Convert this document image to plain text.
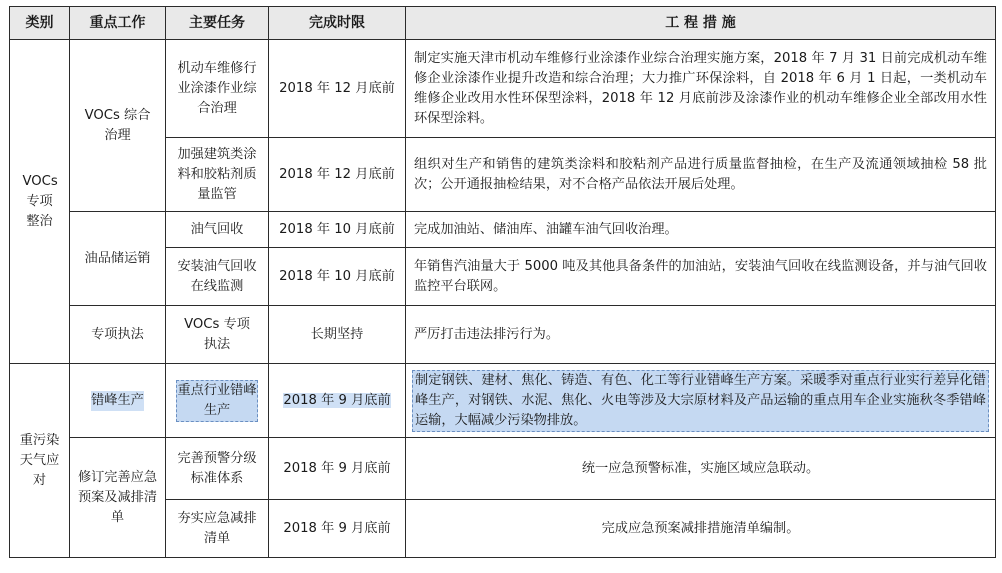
类别	重点工作	主要任务	完成时限	工 程 措 施
VOCs专项整治	VOCs 综合治理	机动车维修行业涂漆作业综合治理	2018 年 12 月底前	制定实施天津市机动车维修行业涂漆作业综合治理实施方案，2018 年 7 月 31 日前完成机动车维修企业涂漆作业提升改造和综合治理；大力推广环保涂料，自 2018 年 6 月 1 日起，一类机动车维修企业改用水性环保型涂料，2018 年 12 月底前涉及涂漆作业的机动车维修企业全部改用水性环保型涂料。
		加强建筑类涂料和胶粘剂质量监管	2018 年 12 月底前	组织对生产和销售的建筑类涂料和胶粘剂产品进行质量监督抽检，在生产及流通领域抽检 58 批次；公开通报抽检结果，对不合格产品依法开展后处理。
	油品储运销	油气回收	2018 年 10 月底前	完成加油站、储油库、油罐车油气回收治理。
		安装油气回收在线监测	2018 年 10 月底前	年销售汽油量大于 5000 吨及其他具备条件的加油站，安装油气回收在线监测设备，并与油气回收监控平台联网。
	专项执法	VOCs 专项执法	长期坚持	严厉打击违法排污行为。
重污染天气应对	错峰生产	重点行业错峰生产	2018 年 9 月底前	制定钢铁、建材、焦化、铸造、有色、化工等行业错峰生产方案。采暖季对重点行业实行差异化错峰生产，对钢铁、水泥、焦化、火电等涉及大宗原材料及产品运输的重点用车企业实施秋冬季错峰运输，大幅减少污染物排放。

	修订完善应急预案及减排清单	完善预警分级标准体系	2018 年 9 月底前	统一应急预警标准，实施区域应急联动。
		夯实应急减排清单	2018 年 9 月底前	完成应急预案减排措施清单编制。
